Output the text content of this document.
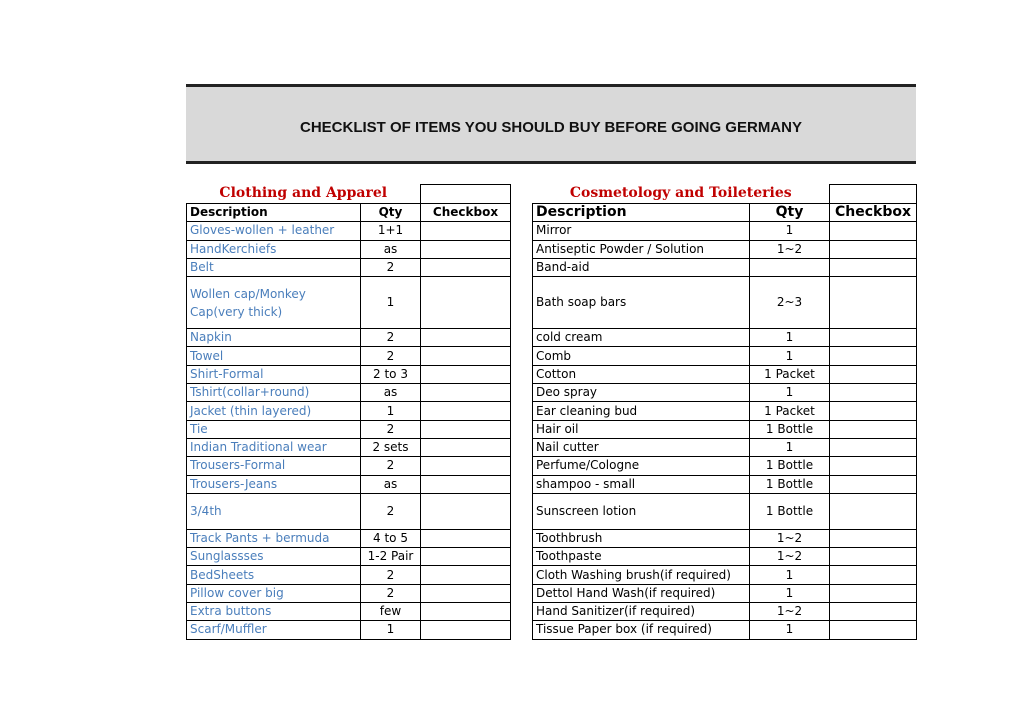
CHECKLIST OF ITEMS YOU SHOULD BUY BEFORE GOING GERMANY
Clothing and Apparel		
Description	Qty	Checkbox
Gloves-wollen + leather	1+1	
HandKerchiefs	as	
Belt	2	
Wollen cap/Monkey Cap(very thick)	1	
Napkin	2	
Towel	2	
Shirt-Formal	2 to 3	
Tshirt(collar+round)	as	
Jacket (thin layered)	1	
Tie	2	
Indian Traditional wear	2 sets	
Trousers-Formal	2	
Trousers-Jeans	as	
3/4th	2	
Track Pants + bermuda	4 to 5	
Sunglassses	1-2 Pair	
BedSheets	2	
Pillow cover big	2	
Extra buttons	few	
Scarf/Muffler	1	
Cosmetology and Toileteries		
Description	Qty	Checkbox
Mirror	1	
Antiseptic Powder / Solution	1~2	
Band-aid		
Bath soap bars	2~3	
cold cream	1	
Comb	1	
Cotton	1 Packet	
Deo spray	1	
Ear cleaning bud	1 Packet	
Hair oil	1 Bottle	
Nail cutter	1	
Perfume/Cologne	1 Bottle	
shampoo - small	1 Bottle	
Sunscreen lotion	1 Bottle	
Toothbrush	1~2	
Toothpaste	1~2	
Cloth Washing brush(if required)	1	
Dettol Hand Wash(if required)	1	
Hand Sanitizer(if required)	1~2	
Tissue Paper box (if required)	1	
